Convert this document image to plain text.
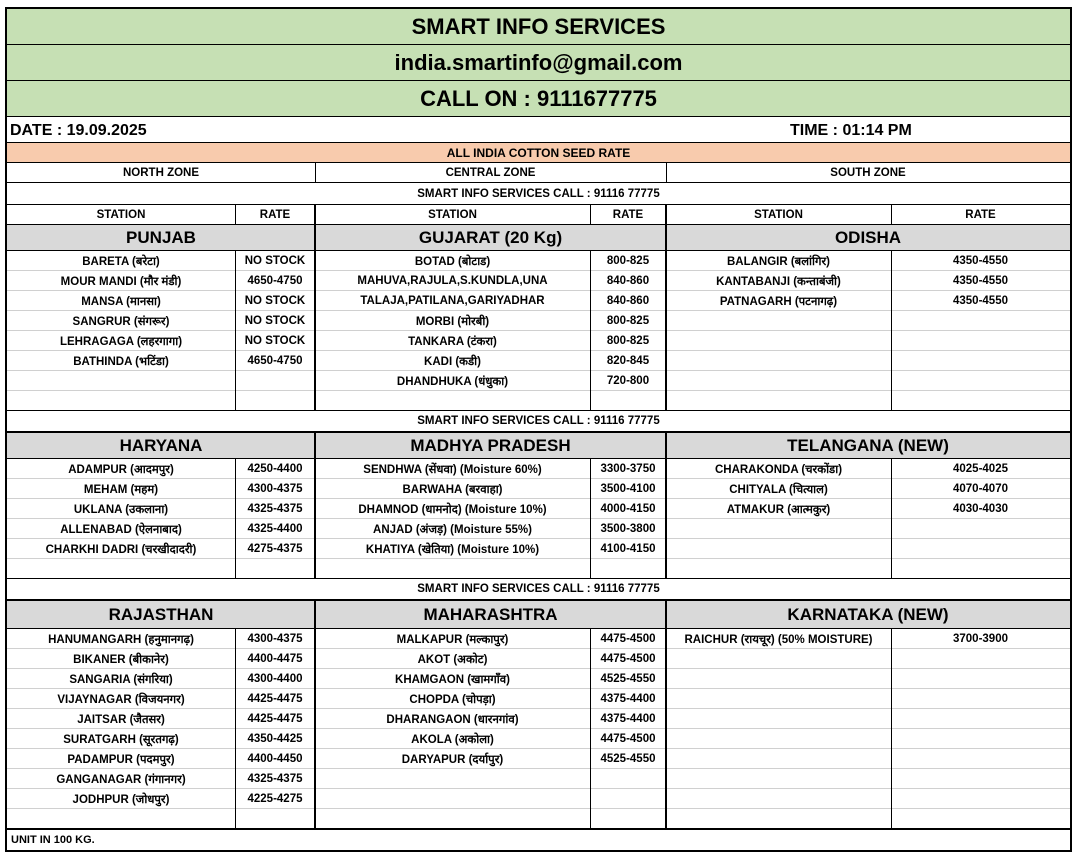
SMART INFO SERVICES
india.smartinfo@gmail.com
CALL ON : 9111677775
DATE : 19.09.2025	TIME : 01:14 PM
ALL INDIA COTTON SEED RATE
NORTH ZONE	CENTRAL ZONE	SOUTH ZONE
SMART INFO SERVICES CALL : 91116 77775
STATION	RATE	STATION	RATE	STATION	RATE
PUNJAB	GUJARAT (20 Kg)	ODISHA
BARETA (बरेटा)	NO STOCK	BOTAD (बोटाड)	800-825	BALANGIR (बलांगिर)	4350-4550
MOUR MANDI (मौर मंडी)	4650-4750	MAHUVA,RAJULA,S.KUNDLA,UNA	840-860	KANTABANJI (कन्ताबंजी)	4350-4550
MANSA (मानसा)	NO STOCK	TALAJA,PATILANA,GARIYADHAR	840-860	PATNAGARH (पटनागढ़)	4350-4550
SANGRUR (संगरूर)	NO STOCK	MORBI (मोरबी)	800-825
LEHRAGAGA (लहरगागा)	NO STOCK	TANKARA (टंकरा)	800-825
BATHINDA (भटिंडा)	4650-4750	KADI (कडी)	820-845
DHANDHUKA (धंधुका)	720-800
SMART INFO SERVICES CALL : 91116 77775
HARYANA	MADHYA PRADESH	TELANGANA (NEW)
ADAMPUR (आदमपुर)	4250-4400	SENDHWA (सेंधवा) (Moisture 60%)	3300-3750	CHARAKONDA (चरकोंडा)	4025-4025
MEHAM (महम)	4300-4375	BARWAHA (बरवाहा)	3500-4100	CHITYALA (चित्याल)	4070-4070
UKLANA (उकलाना)	4325-4375	DHAMNOD (धामनोद) (Moisture 10%)	4000-4150	ATMAKUR (आत्मकुर)	4030-4030
ALLENABAD (ऐलनाबाद)	4325-4400	ANJAD (अंजड़) (Moisture 55%)	3500-3800
CHARKHI DADRI (चरखीदादरी)	4275-4375	KHATIYA (खेतिया) (Moisture 10%)	4100-4150
SMART INFO SERVICES CALL : 91116 77775
RAJASTHAN	MAHARASHTRA	KARNATAKA (NEW)
HANUMANGARH (हनुमानगढ़)	4300-4375	MALKAPUR (मल्कापुर)	4475-4500	RAICHUR (रायचूर) (50% MOISTURE)	3700-3900
BIKANER (बीकानेर)	4400-4475	AKOT (अकोट)	4475-4500
SANGARIA (संगरिया)	4300-4400	KHAMGAON (खामगाँव)	4525-4550
VIJAYNAGAR (विजयनगर)	4425-4475	CHOPDA (चोपड़ा)	4375-4400
JAITSAR (जैतसर)	4425-4475	DHARANGAON (धारनगांव)	4375-4400
SURATGARH (सूरतगढ़)	4350-4425	AKOLA (अकोला)	4475-4500
PADAMPUR (पदमपुर)	4400-4450	DARYAPUR (दर्यापुर)	4525-4550
GANGANAGAR (गंगानगर)	4325-4375
JODHPUR (जोधपुर)	4225-4275
UNIT IN 100 KG.
